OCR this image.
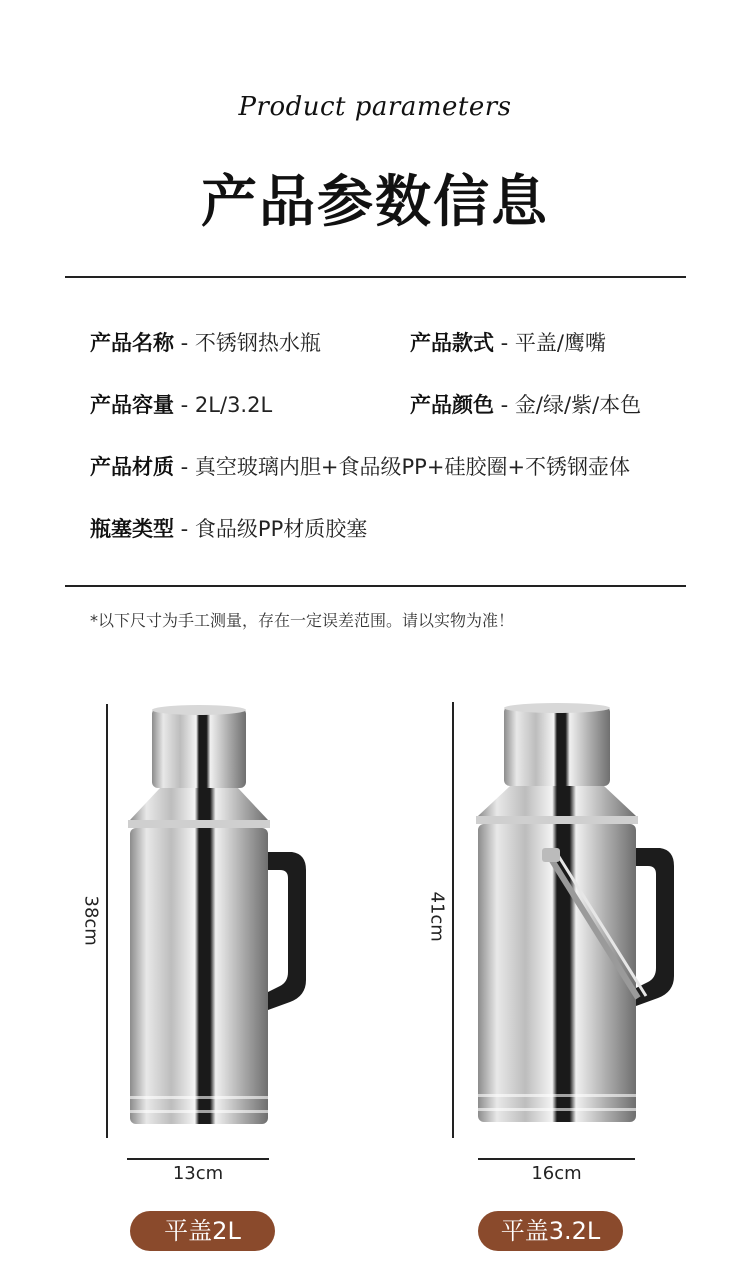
Product parameters
产品参数信息
产品名称 - 不锈钢热水瓶	产品款式 - 平盖/鹰嘴
产品容量 - 2L/3.2L	产品颜色 - 金/绿/紫/本色
产品材质 - 真空玻璃内胆+食品级PP+硅胶圈+不锈钢壶体
瓶塞类型 - 食品级PP材质胶塞
*以下尺寸为手工测量，存在一定误差范围。请以实物为准！
38cm
13cm
平盖2L
41cm
16cm
平盖3.2L
